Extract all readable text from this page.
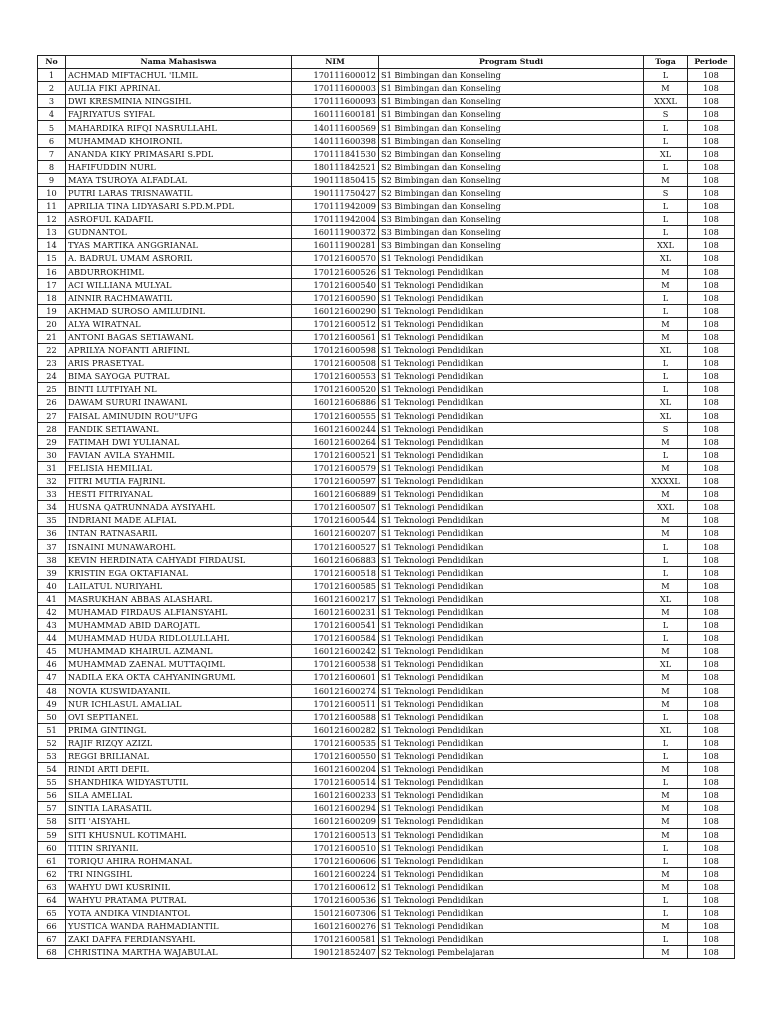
No	Nama Mahasiswa	NIM	Program Studi	Toga	Periode
1	ACHMAD MIFTACHUL 'ILMIL	170111600012	S1 Bimbingan dan Konseling	L	108
2	AULIA FIKI APRINAL	170111600003	S1 Bimbingan dan Konseling	M	108
3	DWI KRESMINIA NINGSIHL	170111600093	S1 Bimbingan dan Konseling	XXXL	108
4	FAJRIYATUS SYIFAL	160111600181	S1 Bimbingan dan Konseling	S	108
5	MAHARDIKA RIFQI NASRULLAHL	140111600569	S1 Bimbingan dan Konseling	L	108
6	MUHAMMAD KHOIRONIL	140111600398	S1 Bimbingan dan Konseling	L	108
7	ANANDA KIKY PRIMASARI S.PDL	170111841530	S2 Bimbingan dan Konseling	XL	108
8	HAFIFUDDIN NURL	180111842521	S2 Bimbingan dan Konseling	L	108
9	MAYA TSUROYA ALFADLAL	190111850415	S2 Bimbingan dan Konseling	M	108
10	PUTRI LARAS TRISNAWATIL	190111750427	S2 Bimbingan dan Konseling	S	108
11	APRILIA TINA LIDYASARI S.PD.M.PDL	170111942009	S3 Bimbingan dan Konseling	L	108
12	ASROFUL KADAFIL	170111942004	S3 Bimbingan dan Konseling	L	108
13	GUDNANTOL	160111900372	S3 Bimbingan dan Konseling	L	108
14	TYAS MARTIKA ANGGRIANAL	160111900281	S3 Bimbingan dan Konseling	XXL	108
15	A. BADRUL UMAM ASRORIL	170121600570	S1 Teknologi Pendidikan	XL	108
16	ABDURROKHIML	170121600526	S1 Teknologi Pendidikan	M	108
17	ACI WILLIANA MULYAL	170121600540	S1 Teknologi Pendidikan	M	108
18	AINNIR RACHMAWATIL	170121600590	S1 Teknologi Pendidikan	L	108
19	AKHMAD SUROSO AMILUDINL	160121600290	S1 Teknologi Pendidikan	L	108
20	ALYA WIRATNAL	170121600512	S1 Teknologi Pendidikan	M	108
21	ANTONI BAGAS SETIAWANL	170121600561	S1 Teknologi Pendidikan	M	108
22	APRILYA NOFANTI ARIFINL	170121600598	S1 Teknologi Pendidikan	XL	108
23	ARIS PRASETYAL	170121600508	S1 Teknologi Pendidikan	L	108
24	BIMA SAYOGA PUTRAL	170121600553	S1 Teknologi Pendidikan	L	108
25	BINTI LUTFIYAH NL	170121600520	S1 Teknologi Pendidikan	L	108
26	DAWAM SURURI INAWANL	160121606886	S1 Teknologi Pendidikan	XL	108
27	FAISAL AMINUDIN ROU"UFG	170121600555	S1 Teknologi Pendidikan	XL	108
28	FANDIK SETIAWANL	160121600244	S1 Teknologi Pendidikan	S	108
29	FATIMAH DWI YULIANAL	160121600264	S1 Teknologi Pendidikan	M	108
30	FAVIAN AVILA SYAHMIL	170121600521	S1 Teknologi Pendidikan	L	108
31	FELISIA HEMILIAL	170121600579	S1 Teknologi Pendidikan	M	108
32	FITRI MUTIA FAJRINL	170121600597	S1 Teknologi Pendidikan	XXXXL	108
33	HESTI FITRIYANAL	160121606889	S1 Teknologi Pendidikan	M	108
34	HUSNA QATRUNNADA AYSIYAHL	170121600507	S1 Teknologi Pendidikan	XXL	108
35	INDRIANI MADE ALFIAL	170121600544	S1 Teknologi Pendidikan	M	108
36	INTAN RATNASARIL	160121600207	S1 Teknologi Pendidikan	M	108
37	ISNAINI MUNAWAROHL	170121600527	S1 Teknologi Pendidikan	L	108
38	KEVIN HERDINATA CAHYADI FIRDAUSL	160121606883	S1 Teknologi Pendidikan	L	108
39	KRISTIN EGA OKTAFIANAL	170121600518	S1 Teknologi Pendidikan	L	108
40	LAILATUL NURIYAHL	170121600585	S1 Teknologi Pendidikan	M	108
41	MASRUKHAN ABBAS ALASHARL	160121600217	S1 Teknologi Pendidikan	XL	108
42	MUHAMAD FIRDAUS ALFIANSYAHL	160121600231	S1 Teknologi Pendidikan	M	108
43	MUHAMMAD ABID DAROJATL	170121600541	S1 Teknologi Pendidikan	L	108
44	MUHAMMAD HUDA RIDLOLULLAHL	170121600584	S1 Teknologi Pendidikan	L	108
45	MUHAMMAD KHAIRUL AZMANL	160121600242	S1 Teknologi Pendidikan	M	108
46	MUHAMMAD ZAENAL MUTTAQIML	170121600538	S1 Teknologi Pendidikan	XL	108
47	NADILA EKA OKTA CAHYANINGRUML	170121600601	S1 Teknologi Pendidikan	M	108
48	NOVIA KUSWIDAYANIL	160121600274	S1 Teknologi Pendidikan	M	108
49	NUR ICHLASUL AMALIAL	170121600511	S1 Teknologi Pendidikan	M	108
50	OVI SEPTIANEL	170121600588	S1 Teknologi Pendidikan	L	108
51	PRIMA GINTINGL	160121600282	S1 Teknologi Pendidikan	XL	108
52	RAJIF RIZQY AZIZL	170121600535	S1 Teknologi Pendidikan	L	108
53	REGGI BRILIANAL	170121600550	S1 Teknologi Pendidikan	L	108
54	RINDI ARTI DEFIL	160121600204	S1 Teknologi Pendidikan	M	108
55	SHANDHIKA WIDYASTUTIL	170121600514	S1 Teknologi Pendidikan	L	108
56	SILA AMELIAL	160121600233	S1 Teknologi Pendidikan	M	108
57	SINTIA LARASATIL	160121600294	S1 Teknologi Pendidikan	M	108
58	SITI 'AISYAHL	160121600209	S1 Teknologi Pendidikan	M	108
59	SITI KHUSNUL KOTIMAHL	170121600513	S1 Teknologi Pendidikan	M	108
60	TITIN SRIYANIL	170121600510	S1 Teknologi Pendidikan	L	108
61	TORIQU AHIRA ROHMANAL	170121600606	S1 Teknologi Pendidikan	L	108
62	TRI NINGSIHL	160121600224	S1 Teknologi Pendidikan	M	108
63	WAHYU DWI KUSRINIL	170121600612	S1 Teknologi Pendidikan	M	108
64	WAHYU PRATAMA PUTRAL	170121600536	S1 Teknologi Pendidikan	L	108
65	YOTA ANDIKA VINDIANTOL	150121607306	S1 Teknologi Pendidikan	L	108
66	YUSTICA WANDA RAHMADIANTIL	160121600276	S1 Teknologi Pendidikan	M	108
67	ZAKI DAFFA FERDIANSYAHL	170121600581	S1 Teknologi Pendidikan	L	108
68	CHRISTINA MARTHA WAJABULAL	190121852407	S2 Teknologi Pembelajaran	M	108
